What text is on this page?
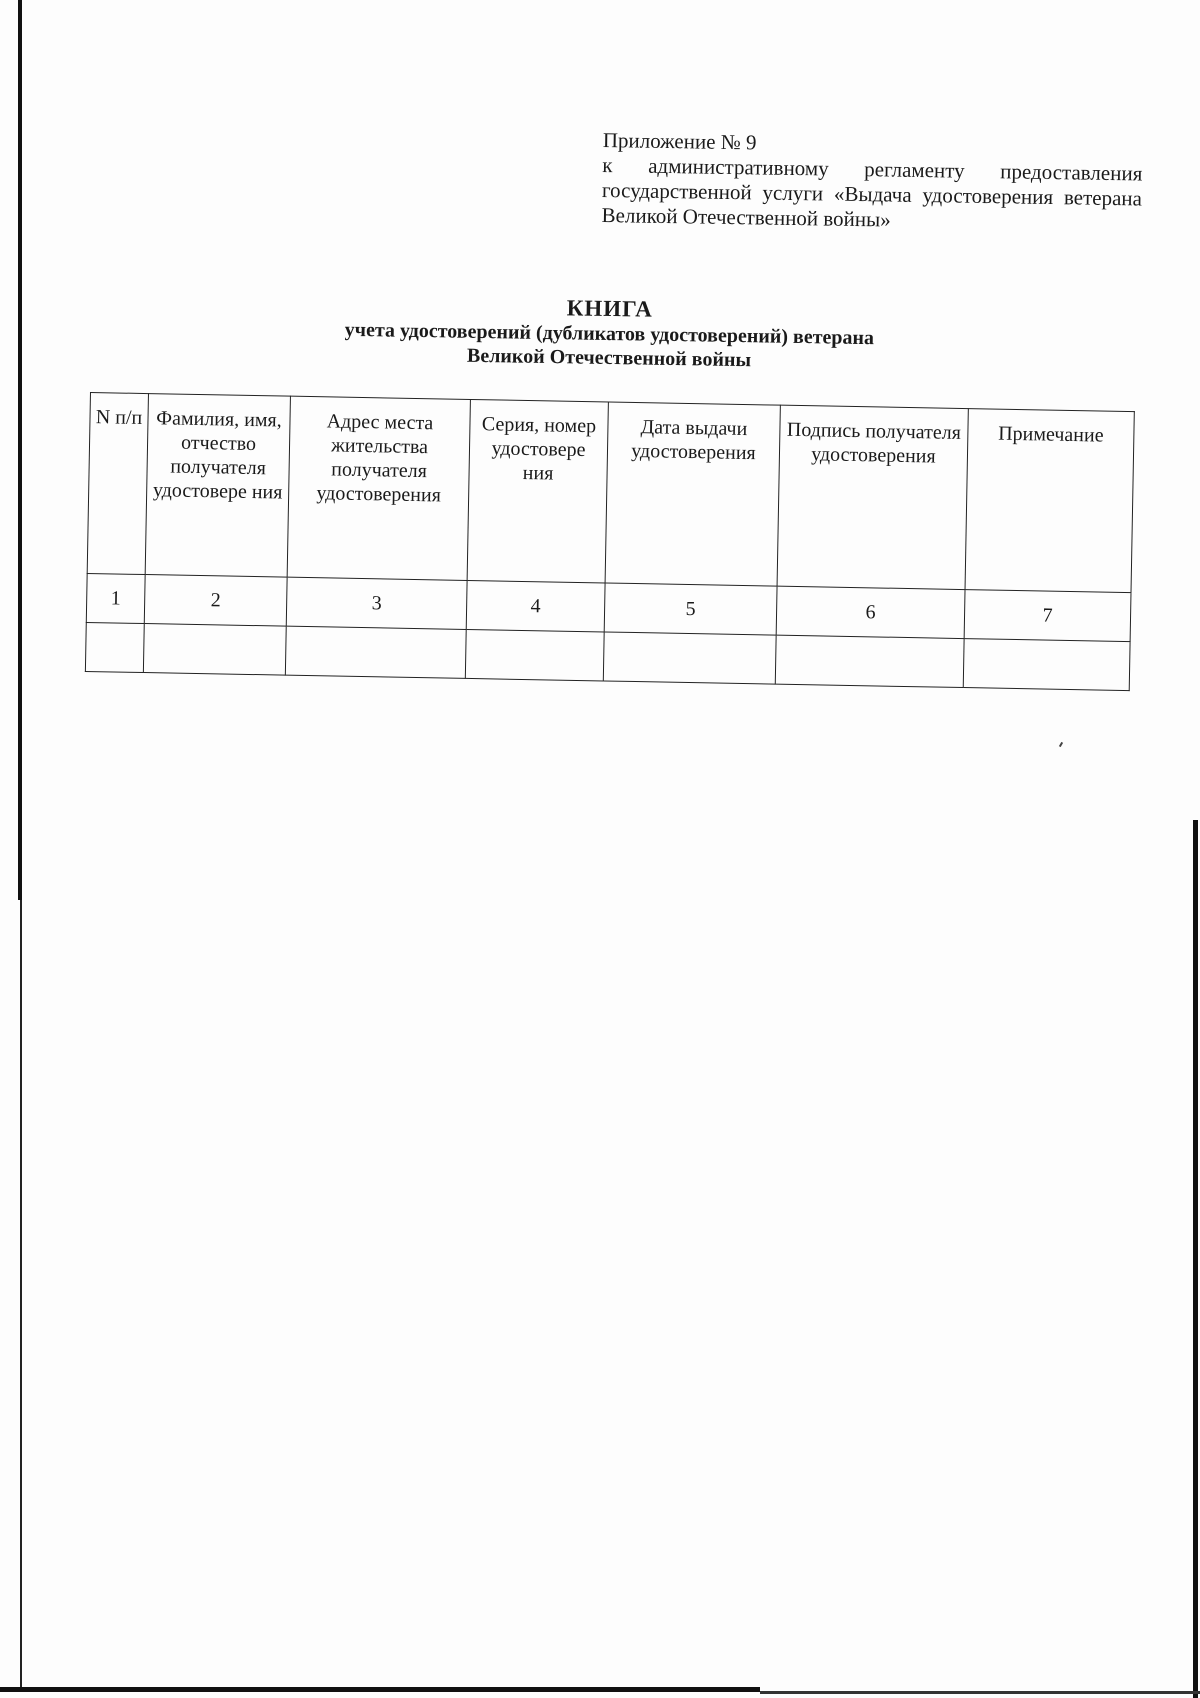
Приложение № 9
к административному регламенту предоставления государственной услуги «Выдача удостоверения ветерана Великой Отечественной войны»
КНИГА
учета удостоверений (дубликатов удостоверений) ветерана
Великой Отечественной войны
N п/п	Фамилия, имя, отчество получателя удостовере ния	Адрес места жительства получателя удостоверения	Серия, номер удостовере ния	Дата выдачи удостоверения	Подпись получателя удостоверения	Примечание
1	2	3	4	5	6	7
